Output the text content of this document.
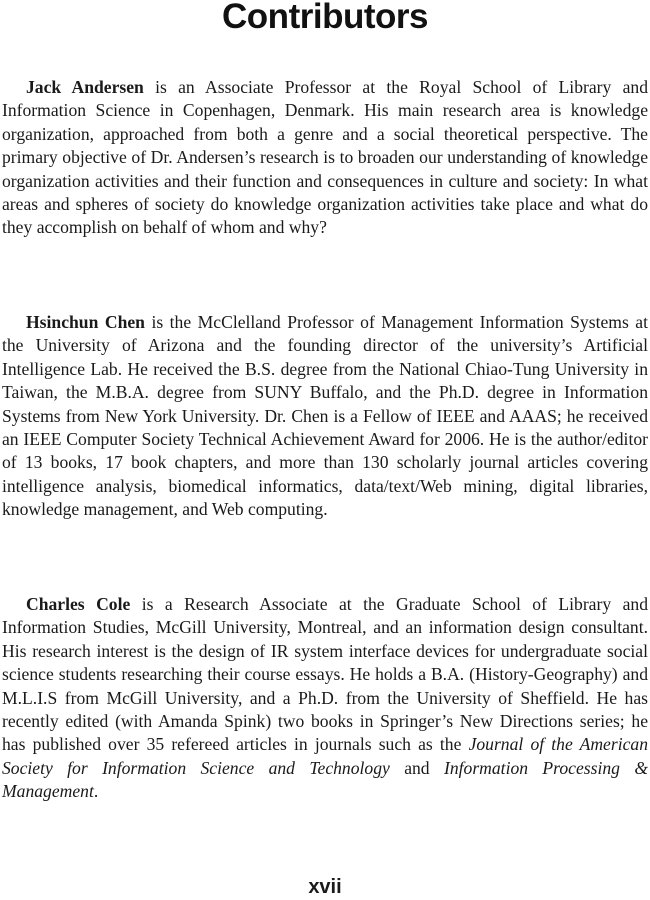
Contributors

Jack Andersen is an Associate Professor at the Royal School of Library and Information Science in Copenhagen, Denmark. His main research area is knowledge organization, approached from both a genre and a social theoretical perspective. The primary objective of Dr. Andersen’s research is to broaden our understanding of knowledge organization activities and their function and consequences in culture and society: In what areas and spheres of society do knowledge organization activities take place and what do they accomplish on behalf of whom and why?

Hsinchun Chen is the McClelland Professor of Management Information Systems at the University of Arizona and the founding director of the university’s Artificial Intelligence Lab. He received the B.S. degree from the National Chiao-Tung University in Taiwan, the M.B.A. degree from SUNY Buffalo, and the Ph.D. degree in Information Systems from New York University. Dr. Chen is a Fellow of IEEE and AAAS; he received an IEEE Computer Society Technical Achievement Award for 2006. He is the author/editor of 13 books, 17 book chapters, and more than 130 scholarly journal articles covering intelligence analysis, biomedical informatics, data/text/Web mining, digital libraries, knowledge management, and Web computing.

Charles Cole is a Research Associate at the Graduate School of Library and Information Studies, McGill University, Montreal, and an information design consultant. His research interest is the design of IR system interface devices for undergraduate social science students researching their course essays. He holds a B.A. (History-Geography) and M.L.I.S from McGill University, and a Ph.D. from the University of Sheffield. He has recently edited (with Amanda Spink) two books in Springer’s New Directions series; he has published over 35 refereed articles in journals such as the Journal of the American Society for Information Science and Technology and Information Processing & Management.

xvii
